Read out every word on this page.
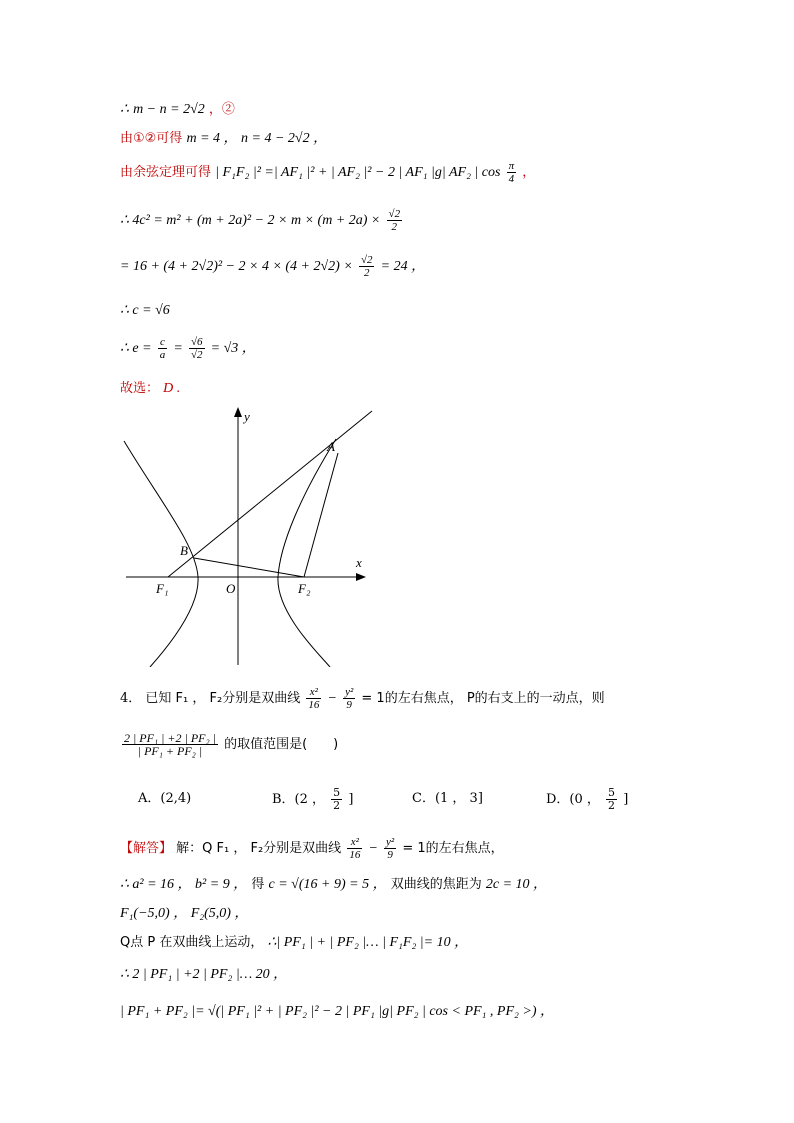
∴ m − n = 2√2 ，②
由①②可得 m = 4 ， n = 4 − 2√2 ，
由余弦定理可得 | F₁F₂ |² =| AF₁ |² + | AF₂ |² − 2 | AF₁ |g| AF₂ | $\cos \frac{\pi}{4}$ ，
∴ $4c^2 = m^2 + (m + 2a)^2 - 2 \times m \times (m + 2a) \times \frac{√2}{2}$
= $16 + (4 + 2√2)^2 - 2 \times 4 \times (4 + 2√2) \times \frac{√2}{2} = 24$ ，
∴ c = √6
∴ $e = \frac{c}{a} = \frac{√6}{√2} = √3$ ，
故选： D .
y
x
A
B
F₁	O	F₂
4． 已知 F₁ ， F₂分别是双曲线 $\frac{\text{x²}}{16} - \frac{\text{y²}}{9} = 1$的左右焦点， P的右支上的一动点，则
$\frac{\text{2 | PF₁ | +2 | PF₂ |}}{\text{| PF₁ + PF₂ |}}$ 的取值范围是(　　)
A．(2,4)	B．(2 ， $\frac{5}{2}$ ]	C．(1 ， 3]	D．(0 ， $\frac{5}{2}$ ]
【解答】 解：Q F₁ ， F₂分别是双曲线 $\frac{\text{x²}}{16} - \frac{\text{y²}}{9} = 1$的左右焦点，
∴ a² = 16 ， b² = 9 ， 得 c = √(16 + 9) = 5 ， 双曲线的焦距为 2c = 10 ，
F₁(−5,0) ， F₂(5,0) ，
Q点 P 在双曲线上运动， ∴| PF₁ | + | PF₂ |… | F₁F₂ |= 10 ，
∴ 2 | PF₁ | +2 | PF₂ |… 20 ，
| PF₁ + PF₂ |= √(| PF₁ |² + | PF₂ |² − 2 | PF₁ |g| PF₂ | cos < PF₁ , PF₂ >) ，
